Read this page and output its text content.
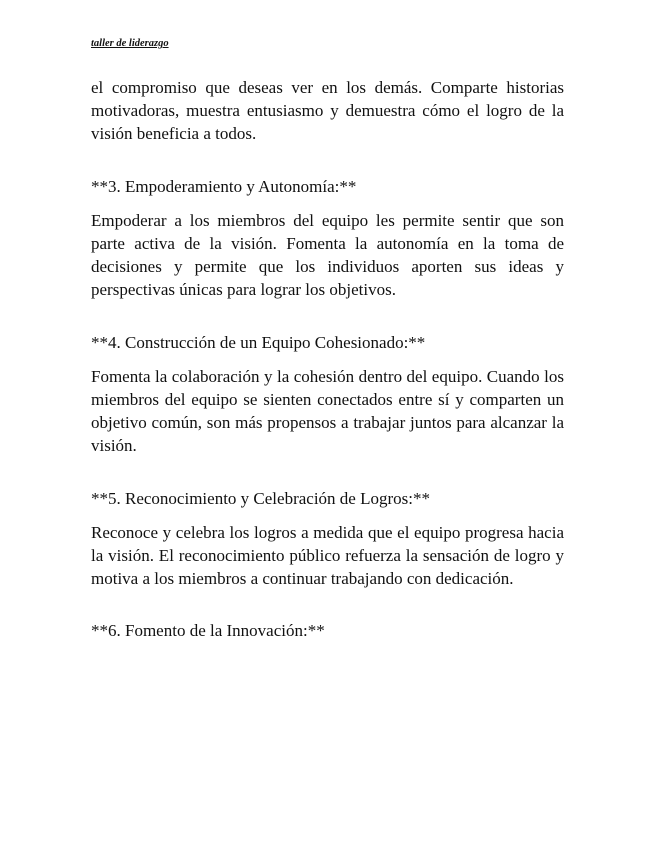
taller de liderazgo

el compromiso que deseas ver en los demás. Comparte historias motivadoras, muestra entusiasmo y demuestra cómo el logro de la visión beneficia a todos.

**3. Empoderamiento y Autonomía:**

Empoderar a los miembros del equipo les permite sentir que son parte activa de la visión. Fomenta la autonomía en la toma de decisiones y permite que los individuos aporten sus ideas y perspectivas únicas para lograr los objetivos.

**4. Construcción de un Equipo Cohesionado:**

Fomenta la colaboración y la cohesión dentro del equipo. Cuando los miembros del equipo se sienten conectados entre sí y comparten un objetivo común, son más propensos a trabajar juntos para alcanzar la visión.

**5. Reconocimiento y Celebración de Logros:**

Reconoce y celebra los logros a medida que el equipo progresa hacia la visión. El reconocimiento público refuerza la sensación de logro y motiva a los miembros a continuar trabajando con dedicación.

**6. Fomento de la Innovación:**
